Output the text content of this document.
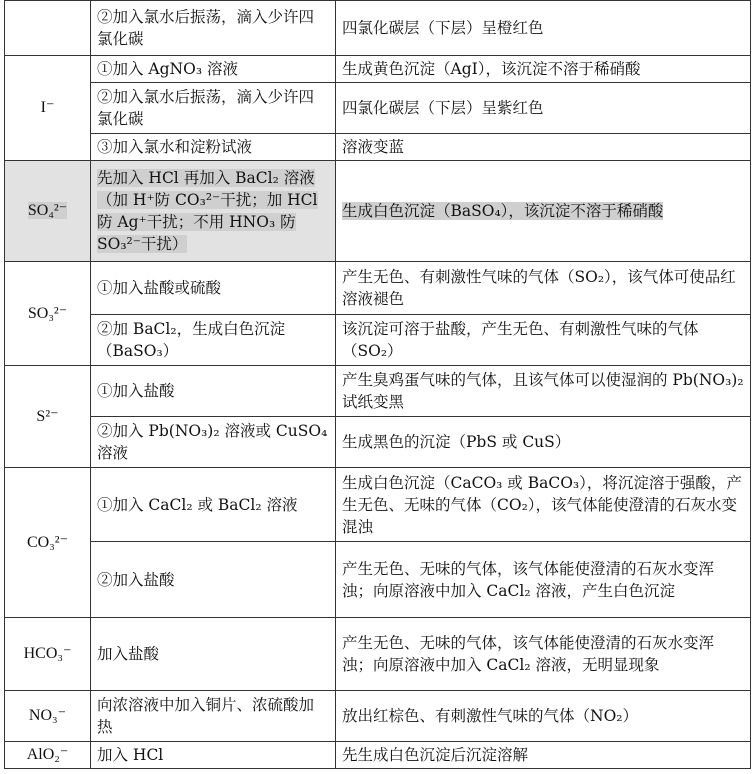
	②加入氯水后振荡，滴入少许四氯化碳	四氯化碳层（下层）呈橙红色
I⁻	①加入 AgNO₃ 溶液	生成黄色沉淀（AgI），该沉淀不溶于稀硝酸
	②加入氯水后振荡，滴入少许四氯化碳	四氯化碳层（下层）呈紫红色
	③加入氯水和淀粉试液	溶液变蓝
SO₄²⁻	先加入 HCl 再加入 BaCl₂ 溶液（加 H⁺防 CO₃²⁻干扰；加 HCl 防 Ag⁺干扰；不用 HNO₃ 防 SO₃²⁻干扰）	生成白色沉淀（BaSO₄），该沉淀不溶于稀硝酸
SO₃²⁻	①加入盐酸或硫酸	产生无色、有刺激性气味的气体（SO₂），该气体可使品红溶液褪色
	②加 BaCl₂，生成白色沉淀（BaSO₃）	该沉淀可溶于盐酸，产生无色、有刺激性气味的气体（SO₂）
S²⁻	①加入盐酸	产生臭鸡蛋气味的气体，且该气体可以使湿润的 Pb(NO₃)₂ 试纸变黑
	②加入 Pb(NO₃)₂ 溶液或 CuSO₄ 溶液	生成黑色的沉淀（PbS 或 CuS）
CO₃²⁻	①加入 CaCl₂ 或 BaCl₂ 溶液	生成白色沉淀（CaCO₃ 或 BaCO₃），将沉淀溶于强酸，产生无色、无味的气体（CO₂），该气体能使澄清的石灰水变混浊
	②加入盐酸	产生无色、无味的气体，该气体能使澄清的石灰水变浑浊；向原溶液中加入 CaCl₂ 溶液，产生白色沉淀
HCO₃⁻	加入盐酸	产生无色、无味的气体，该气体能使澄清的石灰水变浑浊；向原溶液中加入 CaCl₂ 溶液，无明显现象
NO₃⁻	向浓溶液中加入铜片、浓硫酸加热	放出红棕色、有刺激性气味的气体（NO₂）
AlO₂⁻	加入 HCl	先生成白色沉淀后沉淀溶解
